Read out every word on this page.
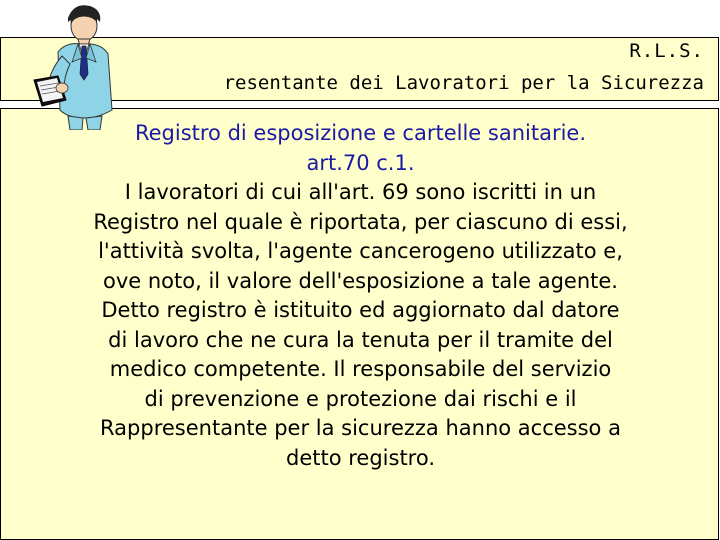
R.L.S.
resentante dei Lavoratori per la Sicurezza
Registro di esposizione e cartelle sanitarie.
art.70 c.1.
I lavoratori di cui all'art. 69 sono iscritti in un
Registro nel quale è riportata, per ciascuno di essi,
l'attività svolta, l'agente cancerogeno utilizzato e,
ove noto, il valore dell'esposizione a tale agente.
Detto registro è istituito ed aggiornato dal datore
di lavoro che ne cura la tenuta per il tramite del
medico competente. Il responsabile del servizio
di prevenzione e protezione dai rischi e il
Rappresentante per la sicurezza hanno accesso a
detto registro.
